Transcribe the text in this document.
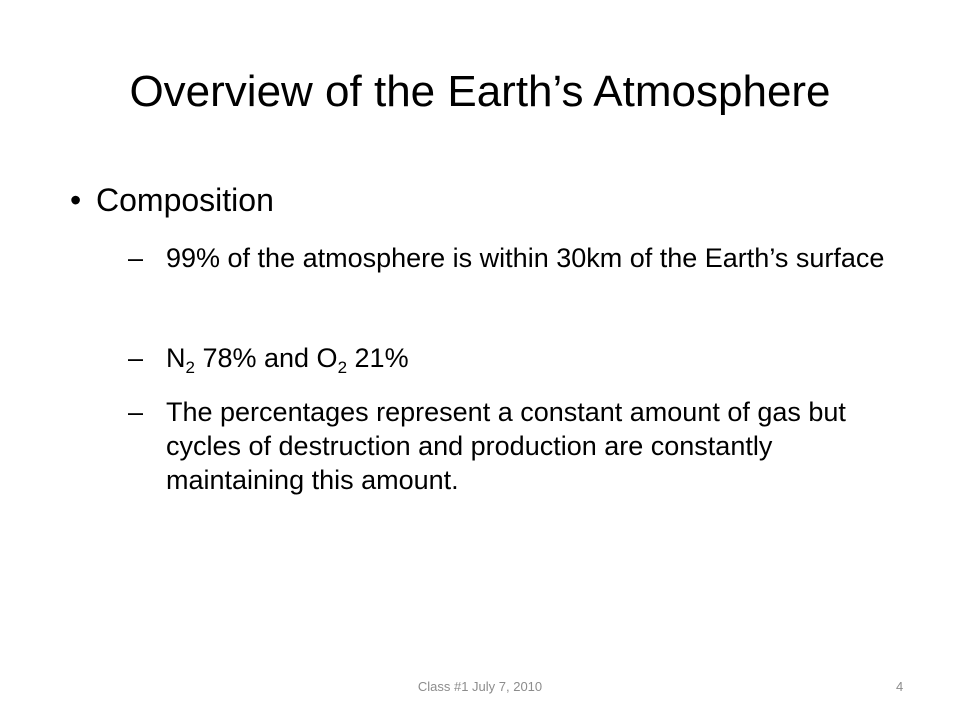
Overview of the Earth’s Atmosphere
• Composition
– 99% of the atmosphere is within 30km of the Earth’s surface
– $N_2$ 78% and $O_2$ 21%
– The percentages represent a constant amount of gas but cycles of destruction and production are constantly maintaining this amount.
Class #1 July 7, 2010	4
